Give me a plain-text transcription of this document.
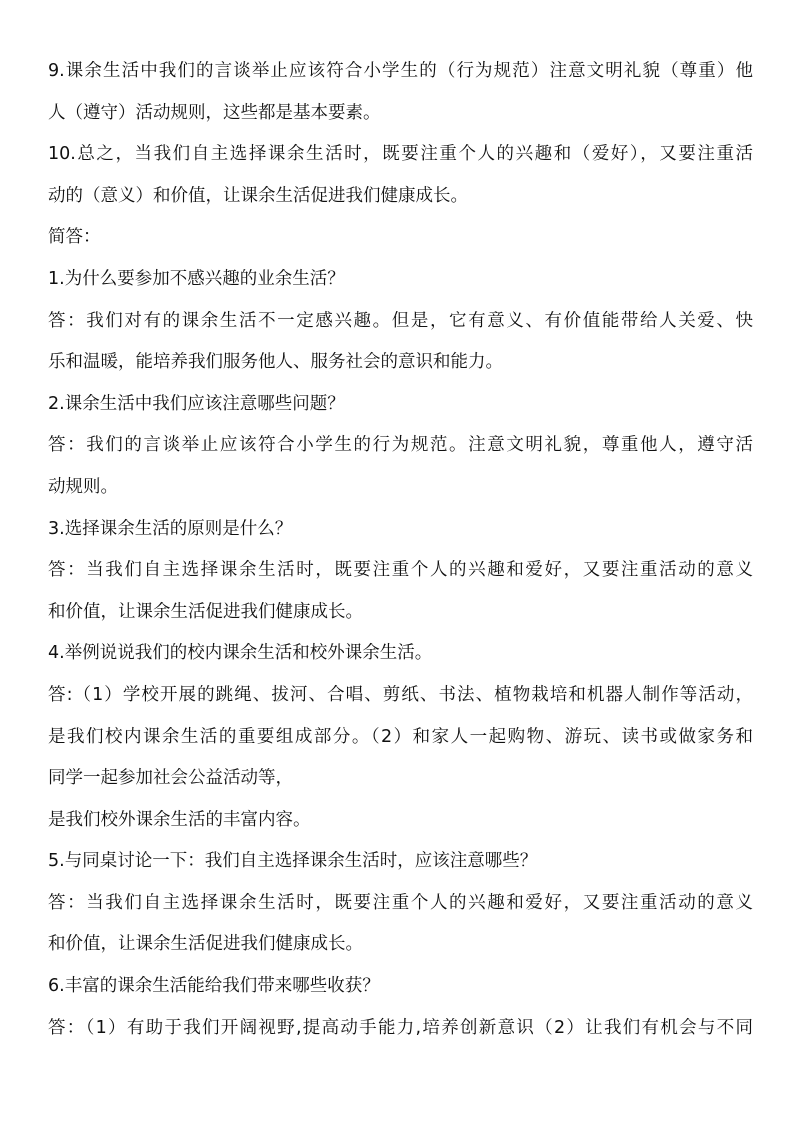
9.课余生活中我们的言谈举止应该符合小学生的（行为规范）注意文明礼貌（尊重）他
人（遵守）活动规则，这些都是基本要素。
10.总之，当我们自主选择课余生活时，既要注重个人的兴趣和（爱好），又要注重活
动的（意义）和价值，让课余生活促进我们健康成长。
简答：
1.为什么要参加不感兴趣的业余生活？
答：我们对有的课余生活不一定感兴趣。但是，它有意义、有价值能带给人关爱、快
乐和温暖，能培养我们服务他人、服务社会的意识和能力。
2.课余生活中我们应该注意哪些问题？
答：我们的言谈举止应该符合小学生的行为规范。注意文明礼貌，尊重他人，遵守活
动规则。
3.选择课余生活的原则是什么？
答：当我们自主选择课余生活时，既要注重个人的兴趣和爱好，又要注重活动的意义
和价值，让课余生活促进我们健康成长。
4.举例说说我们的校内课余生活和校外课余生活。
答:（1）学校开展的跳绳、拔河、合唱、剪纸、书法、植物栽培和机器人制作等活动，
是我们校内课余生活的重要组成部分。（2）和家人一起购物、游玩、读书或做家务和
同学一起参加社会公益活动等，
是我们校外课余生活的丰富内容。
5.与同桌讨论一下：我们自主选择课余生活时，应该注意哪些？
答：当我们自主选择课余生活时，既要注重个人的兴趣和爱好，又要注重活动的意义
和价值，让课余生活促进我们健康成长。
6.丰富的课余生活能给我们带来哪些收获？
答：（1）有助于我们开阔视野,提高动手能力,培养创新意识（2）让我们有机会与不同
